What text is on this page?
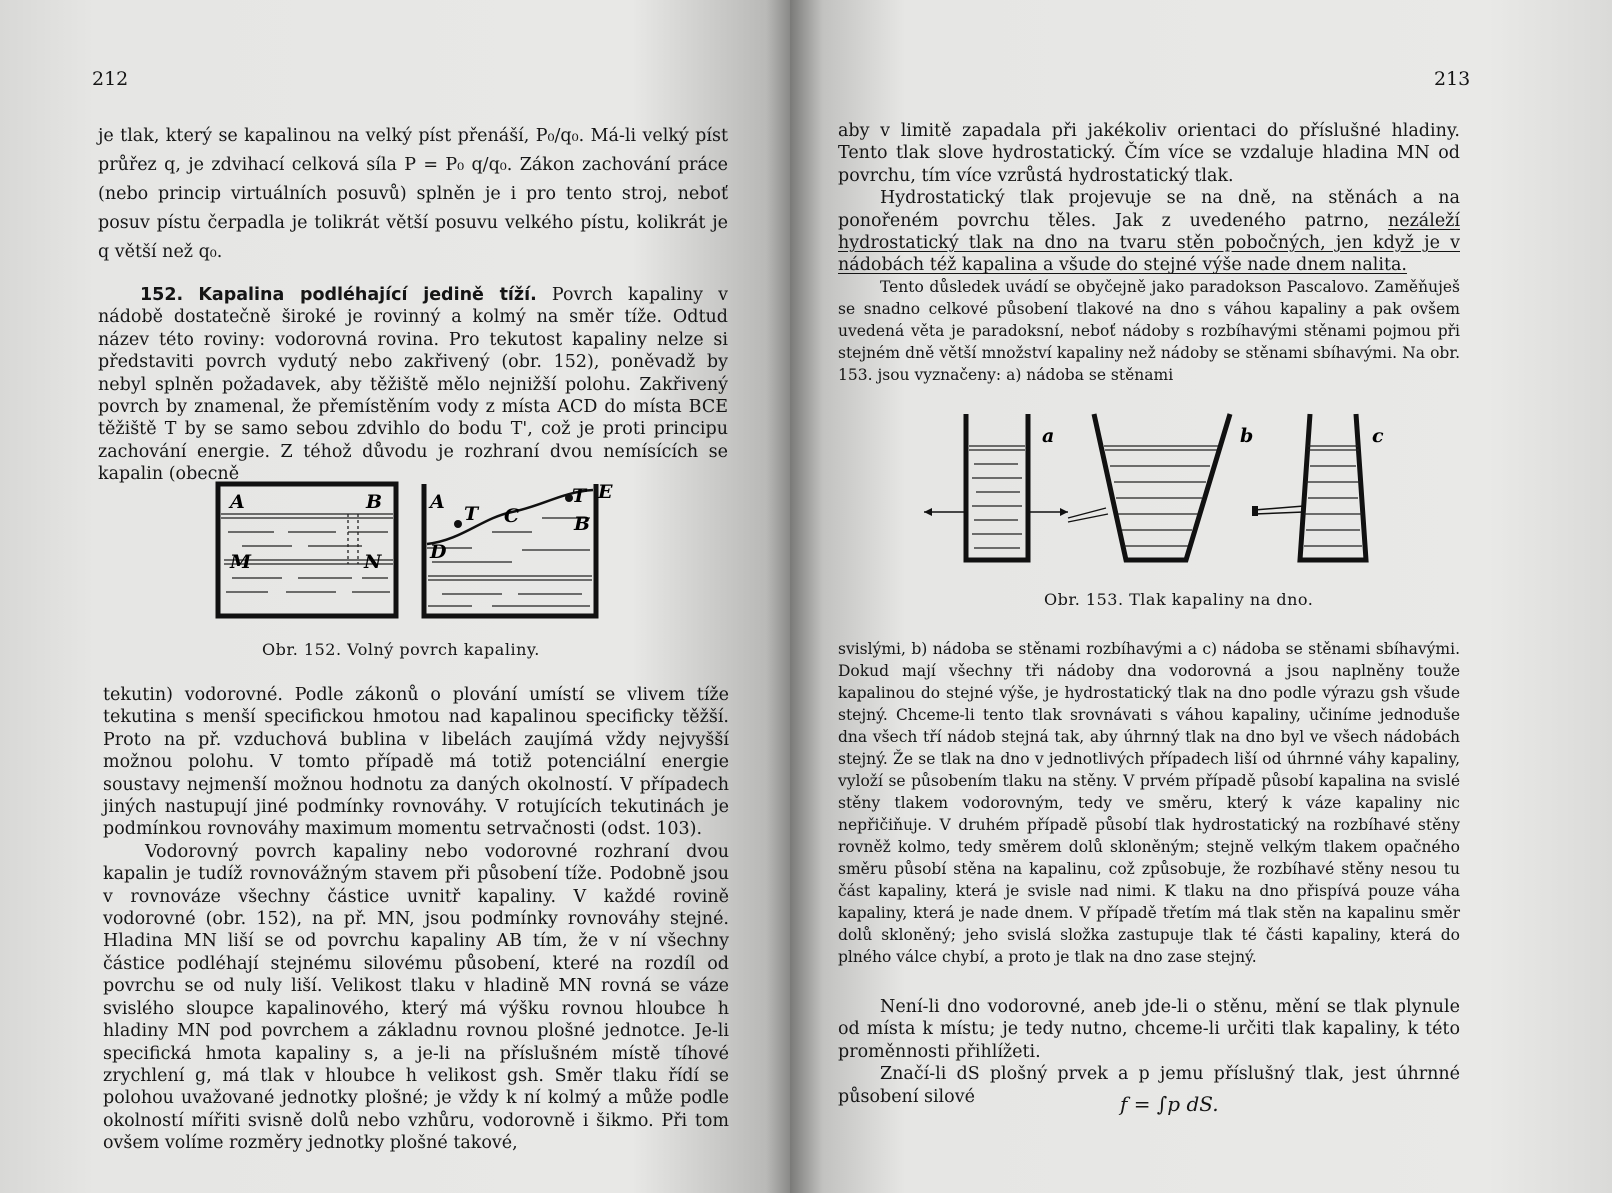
212
je tlak, který se kapalinou na velký píst přenáší, P₀/q₀. Má-li velký píst průřez q, je zdvihací celková síla P = P₀ q/q₀. Zákon zachování práce (nebo princip virtuálních posuvů) splněn je i pro tento stroj, neboť posuv pístu čerpadla je tolikrát větší posuvu velkého pístu, kolikrát je q větší než q₀.

152. Kapalina podléhající jedině tíží. Povrch kapaliny v nádobě dostatečně široké je rovinný a kolmý na směr tíže. Odtud název této roviny: vodorovná rovina. Pro tekutost kapaliny nelze si představiti povrch vydutý nebo zakřivený (obr. 152), poněvadž by nebyl splněn požadavek, aby těžiště mělo nejnižší polohu. Zakřivený povrch by znamenal, že přemístěním vody z místa ACD do místa BCE těžiště T by se samo sebou zdvihlo do bodu T', což je proti principu zachování energie. Z téhož důvodu je rozhraní dvou nemísících se kapalin (obecně

A	B
M	N
A
T C
T E
B
D
Obr. 152. Volný povrch kapaliny.

tekutin) vodorovné. Podle zákonů o plování umístí se vlivem tíže tekutina s menší specifickou hmotou nad kapalinou specificky těžší. Proto na př. vzduchová bublina v libelách zaujímá vždy nejvyšší možnou polohu. V tomto případě má totiž potenciální energie soustavy nejmenší možnou hodnotu za daných okolností. V případech jiných nastupují jiné podmínky rovnováhy. V rotujících tekutinách je podmínkou rovnováhy maximum momentu setrvačnosti (odst. 103).

Vodorovný povrch kapaliny nebo vodorovné rozhraní dvou kapalin je tudíž rovnovážným stavem při působení tíže. Podobně jsou v rovnováze všechny částice uvnitř kapaliny. V každé rovině vodorovné (obr. 152), na př. MN, jsou podmínky rovnováhy stejné. Hladina MN liší se od povrchu kapaliny AB tím, že v ní všechny částice podléhají stejnému silovému působení, které na rozdíl od povrchu se od nuly liší. Velikost tlaku v hladině MN rovná se váze svislého sloupce kapalinového, který má výšku rovnou hloubce h hladiny MN pod povrchem a základnu rovnou plošné jednotce. Je-li specifická hmota kapaliny s, a je-li na příslušném místě tíhové zrychlení g, má tlak v hloubce h velikost gsh. Směr tlaku řídí se polohou uvažované jednotky plošné; je vždy k ní kolmý a může podle okolností mířiti svisně dolů nebo vzhůru, vodorovně i šikmo. Při tom ovšem volíme rozměry jednotky plošné takové,

213

aby v limitě zapadala při jakékoliv orientaci do příslušné hladiny. Tento tlak slove hydrostatický. Čím více se vzdaluje hladina MN od povrchu, tím více vzrůstá hydrostatický tlak.

Hydrostatický tlak projevuje se na dně, na stěnách a na ponořeném povrchu těles. Jak z uvedeného patrno, nezáleží hydrostatický tlak na dno na tvaru stěn pobočných, jen když je v nádobách též kapalina a všude do stejné výše nade dnem nalita.

Tento důsledek uvádí se obyčejně jako paradokson Pascalovo. Zaměňuješ se snadno celkové působení tlakové na dno s váhou kapaliny a pak ovšem uvedená věta je paradoksní, neboť nádoby s rozbíhavými stěnami pojmou při stejném dně větší množství kapaliny než nádoby se stěnami sbíhavými. Na obr. 153. jsou vyznačeny: a) nádoba se stěnami

a	b	c
Obr. 153. Tlak kapaliny na dno.

svislými, b) nádoba se stěnami rozbíhavými a c) nádoba se stěnami sbíhavými. Dokud mají všechny tři nádoby dna vodorovná a jsou naplněny touže kapalinou do stejné výše, je hydrostatický tlak na dno podle výrazu gsh všude stejný. Chceme-li tento tlak srovnávati s váhou kapaliny, učiníme jednoduše dna všech tří nádob stejná tak, aby úhrnný tlak na dno byl ve všech nádobách stejný. Že se tlak na dno v jednotlivých případech liší od úhrnné váhy kapaliny, vyloží se působením tlaku na stěny. V prvém případě působí kapalina na svislé stěny tlakem vodorovným, tedy ve směru, který k váze kapaliny nic nepřičiňuje. V druhém případě působí tlak hydrostatický na rozbíhavé stěny rovněž kolmo, tedy směrem dolů skloněným; stejně velkým tlakem opačného směru působí stěna na kapalinu, což způsobuje, že rozbíhavé stěny nesou tu část kapaliny, která je svisle nad nimi. K tlaku na dno přispívá pouze váha kapaliny, která je nade dnem. V případě třetím má tlak stěn na kapalinu směr dolů skloněný; jeho svislá složka zastupuje tlak té části kapaliny, která do plného válce chybí, a proto je tlak na dno zase stejný.

Není-li dno vodorovné, aneb jde-li o stěnu, mění se tlak plynule od místa k místu; je tedy nutno, chceme-li určiti tlak kapaliny, k této proměnnosti přihlížeti.

Značí-li dS plošný prvek a p jemu příslušný tlak, jest úhrnné působení silové	f = ∫p dS.
